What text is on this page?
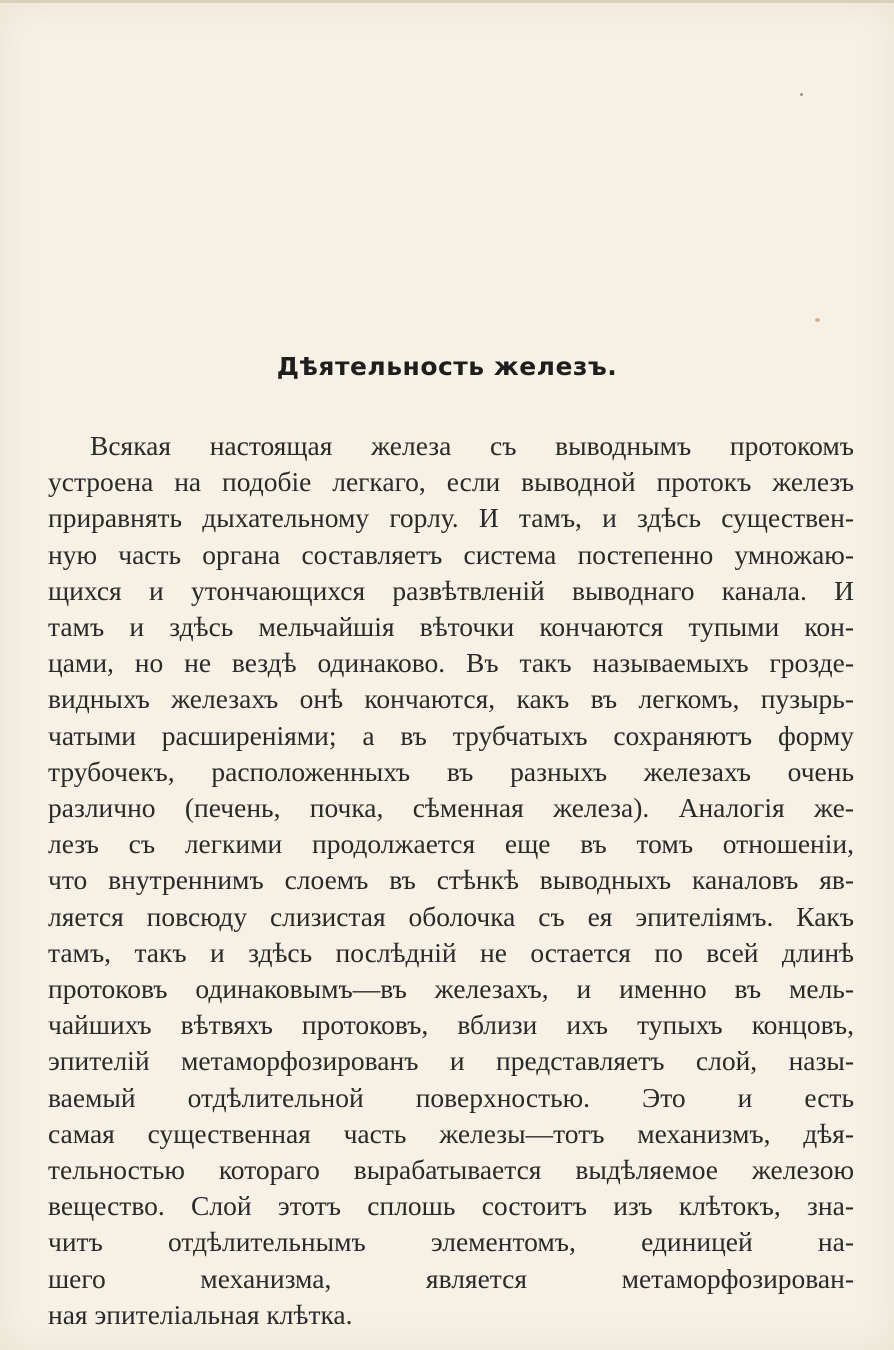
Дѣятельность железъ.
Всякая настоящая железа съ выводнымъ протокомъ
устроена на подобіе легкаго, если выводной протокъ железъ
приравнять дыхательному горлу. И тамъ, и здѣсь существен-
ную часть органа составляетъ система постепенно умножаю-
щихся и утончающихся развѣтвленій выводнаго канала. И
тамъ и здѣсь мельчайшія вѣточки кончаются тупыми кон-
цами, но не вездѣ одинаково. Въ такъ называемыхъ грозде-
видныхъ железахъ онѣ кончаются, какъ въ легкомъ, пузырь-
чатыми расширеніями; а въ трубчатыхъ сохраняютъ форму
трубочекъ, расположенныхъ въ разныхъ железахъ очень
различно (печень, почка, сѣменная железа). Аналогія же-
лезъ съ легкими продолжается еще въ томъ отношеніи,
что внутреннимъ слоемъ въ стѣнкѣ выводныхъ каналовъ яв-
ляется повсюду слизистая оболочка съ ея эпителіямъ. Какъ
тамъ, такъ и здѣсь послѣдній не остается по всей длинѣ
протоковъ одинаковымъ—въ железахъ, и именно въ мель-
чайшихъ вѣтвяхъ протоковъ, вблизи ихъ тупыхъ концовъ,
эпителій метаморфозированъ и представляетъ слой, назы-
ваемый отдѣлительной поверхностью. Это и есть
самая существенная часть железы—тотъ механизмъ, дѣя-
тельностью котораго вырабатывается выдѣляемое железою
вещество. Слой этотъ сплошь состоитъ изъ клѣтокъ, зна-
читъ отдѣлительнымъ элементомъ, единицей на-
шего механизма, является метаморфозирован-
ная эпителіальная клѣтка.
